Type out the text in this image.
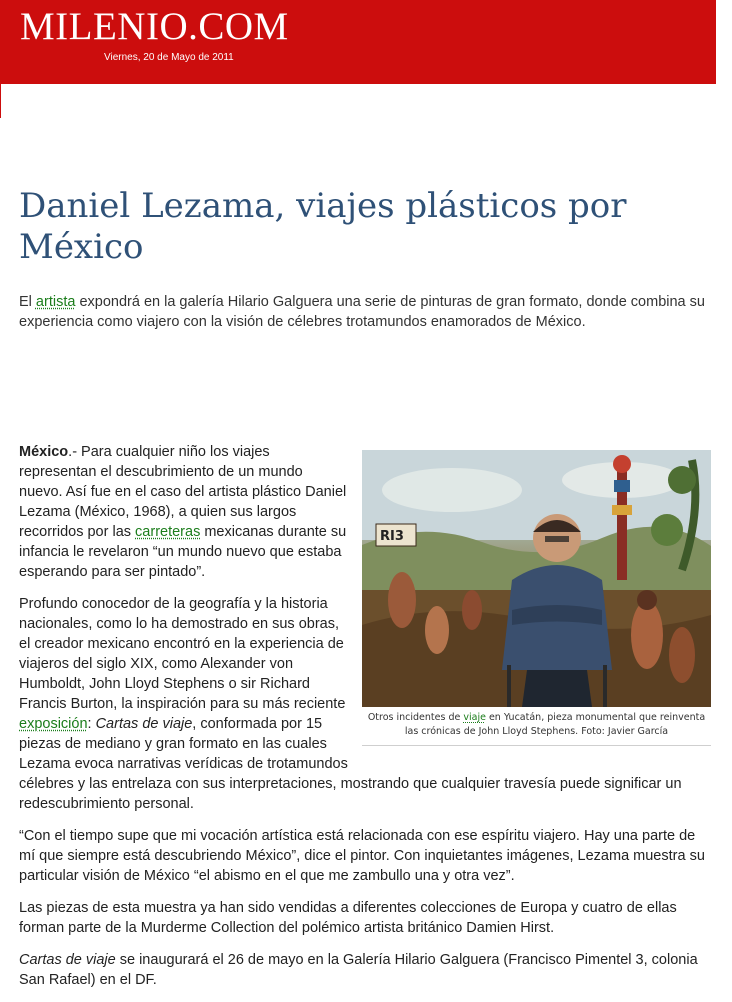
MILENIO.COM
Viernes, 20 de Mayo de 2011
Daniel Lezama, viajes plásticos por México

El artista expondrá en la galería Hilario Galguera una serie de pinturas de gran formato, donde combina su experiencia como viajero con la visión de célebres trotamundos enamorados de México.

RI3
Otros incidentes de viaje en Yucatán, pieza monumental que reinventa las crónicas de John Lloyd Stephens. Foto: Javier García

México.- Para cualquier niño los viajes representan el descubrimiento de un mundo nuevo. Así fue en el caso del artista plástico Daniel Lezama (México, 1968), a quien sus largos recorridos por las carreteras mexicanas durante su infancia le revelaron “un mundo nuevo que estaba esperando para ser pintado”.

Profundo conocedor de la geografía y la historia nacionales, como lo ha demostrado en sus obras, el creador mexicano encontró en la experiencia de viajeros del siglo XIX, como Alexander von Humboldt, John Lloyd Stephens o sir Richard Francis Burton, la inspiración para su más reciente exposición: Cartas de viaje, conformada por 15 piezas de mediano y gran formato en las cuales Lezama evoca narrativas verídicas de trotamundos célebres y las entrelaza con sus interpretaciones, mostrando que cualquier travesía puede significar un redescubrimiento personal.

“Con el tiempo supe que mi vocación artística está relacionada con ese espíritu viajero. Hay una parte de mí que siempre está descubriendo México”, dice el pintor. Con inquietantes imágenes, Lezama muestra su particular visión de México “el abismo en el que me zambullo una y otra vez”.

Las piezas de esta muestra ya han sido vendidas a diferentes colecciones de Europa y cuatro de ellas forman parte de la Murderme Collection del polémico artista británico Damien Hirst.

Cartas de viaje se inaugurará el 26 de mayo en la Galería Hilario Galguera (Francisco Pimentel 3, colonia San Rafael) en el DF.
